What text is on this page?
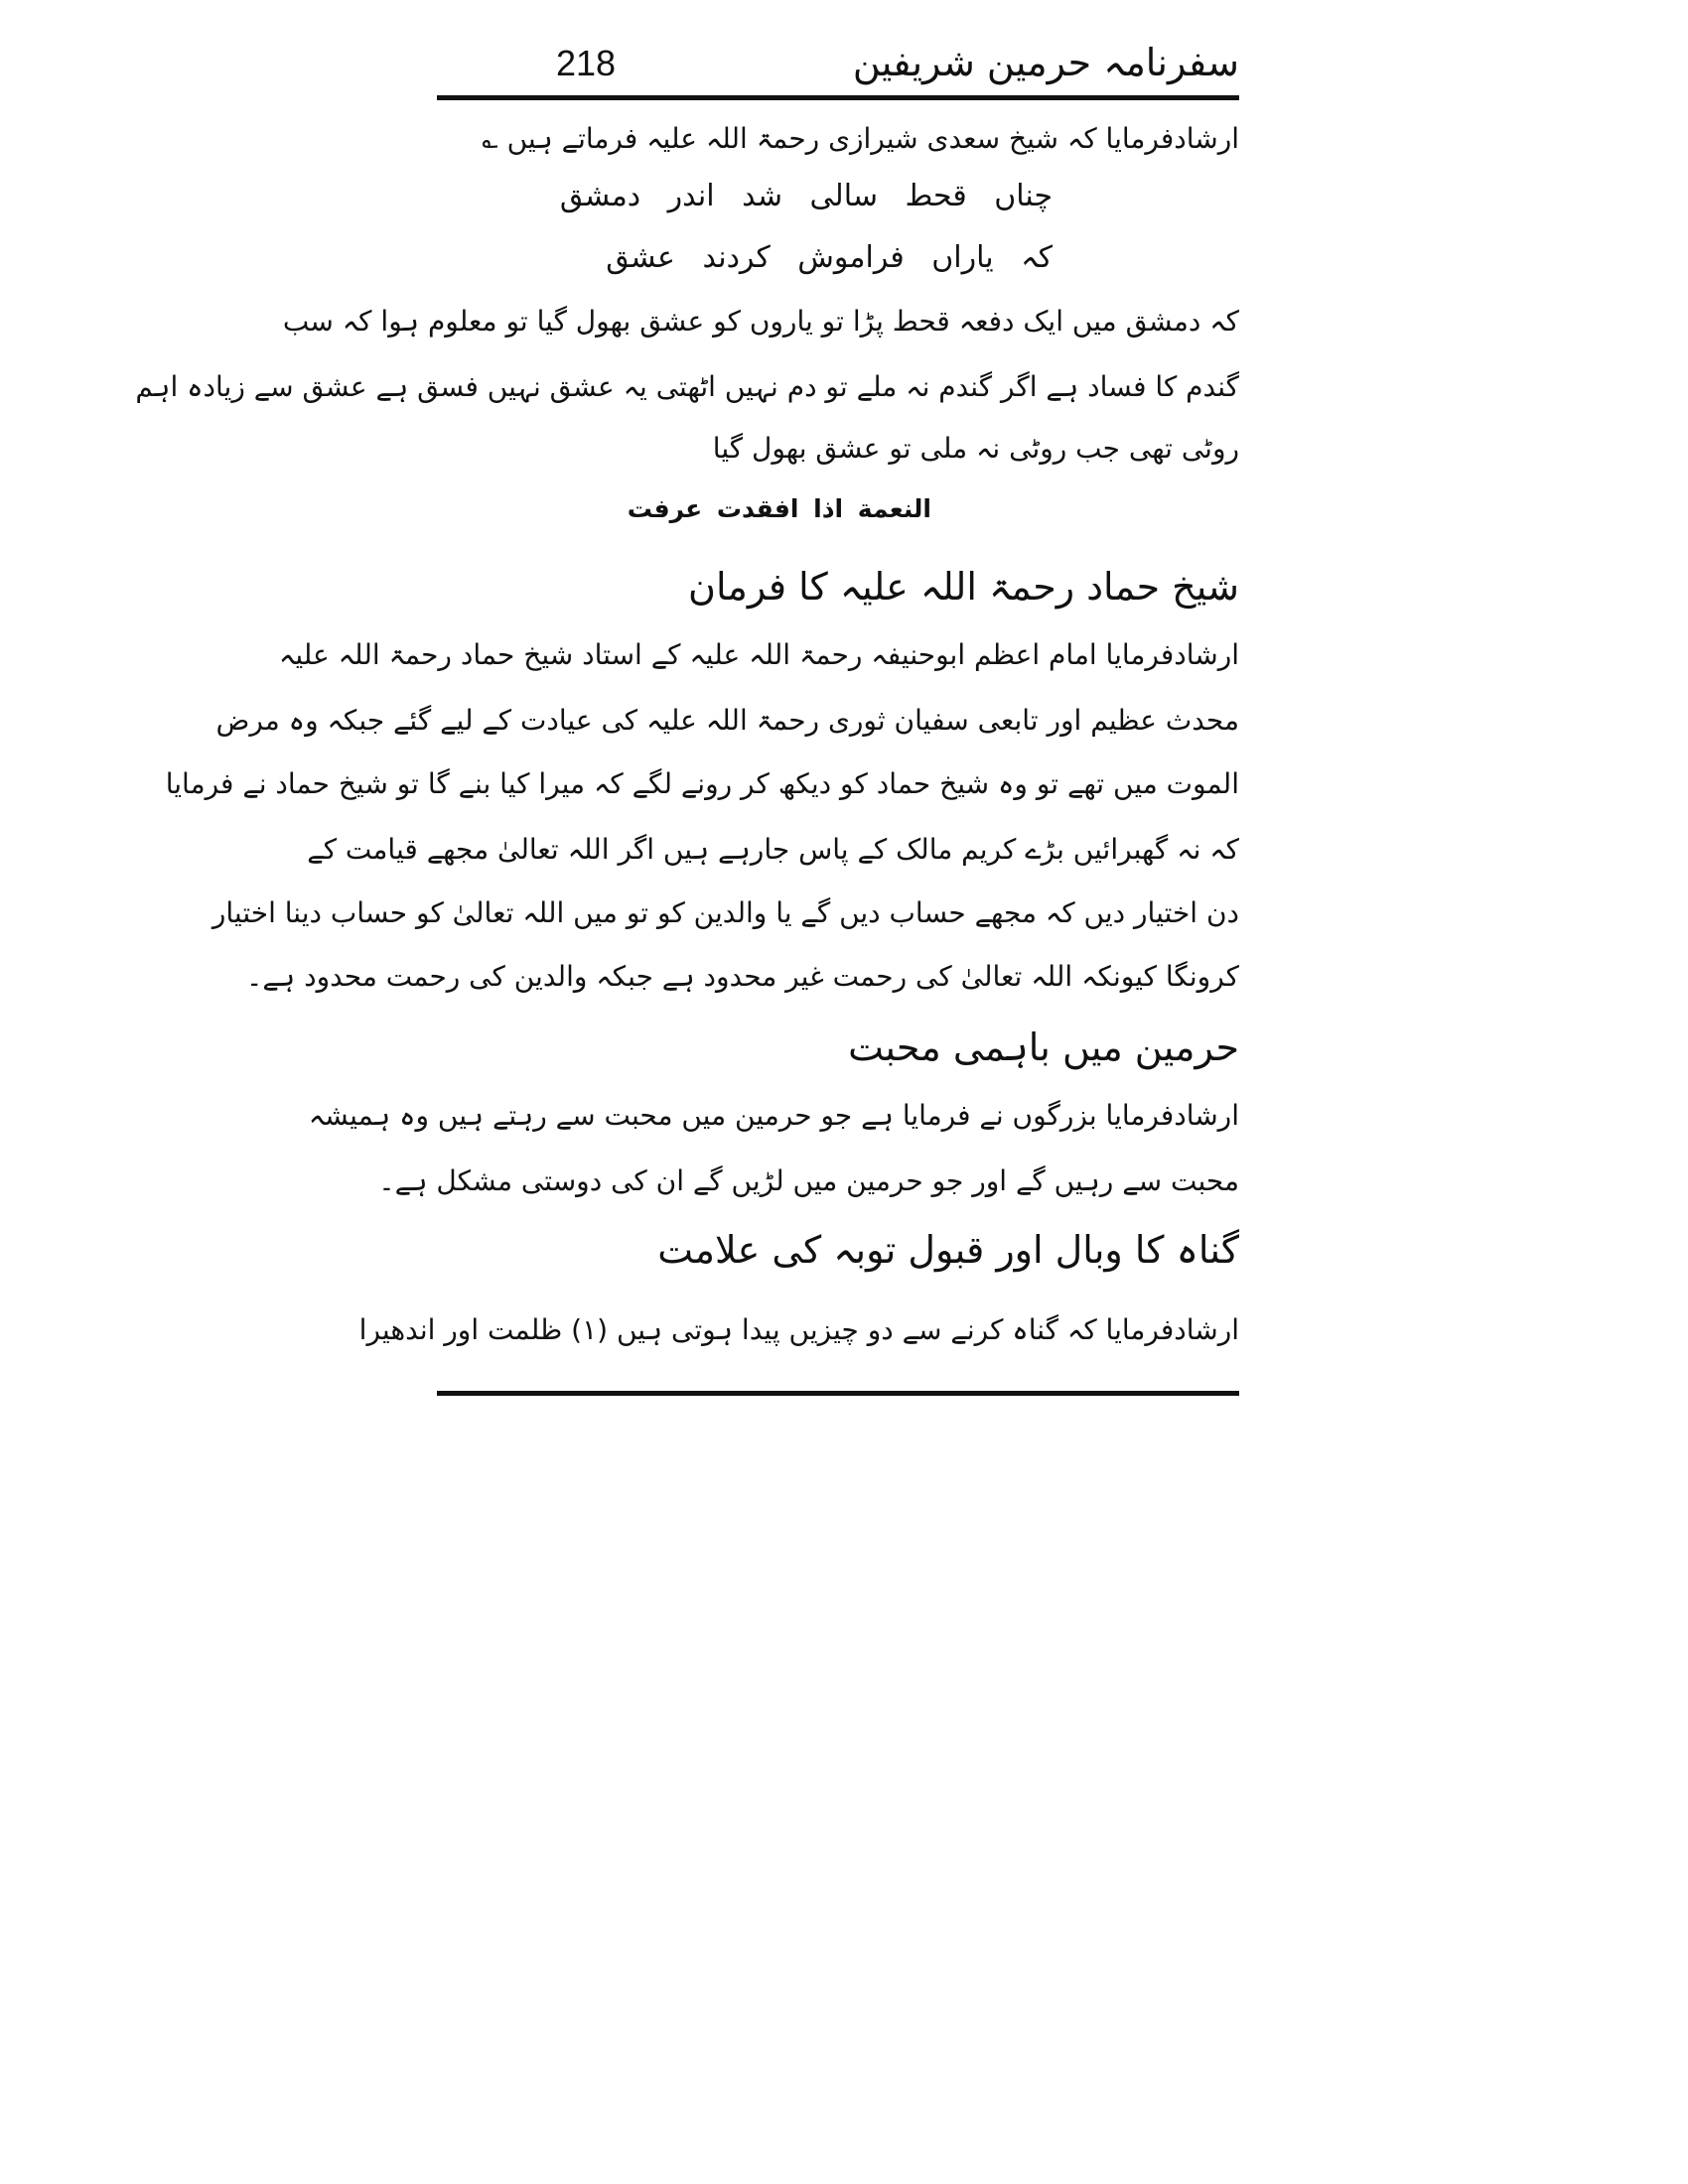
218	سفرنامہ حرمین شریفین
ارشادفرمایا کہ شیخ سعدی شیرازی رحمۃ اللہ علیہ فرماتے ہیں ؎
چناں قحط سالی شد اندر دمشق
کہ یاراں فراموش کردند عشق
کہ دمشق میں ایک دفعہ قحط پڑا تو یاروں کو عشق بھول گیا تو معلوم ہوا کہ سب
گندم کا فساد ہے اگر گندم نہ ملے تو دم نہیں اٹھتی یہ عشق نہیں فسق ہے عشق سے زیادہ اہم
روٹی تھی جب روٹی نہ ملی تو عشق بھول گیا
النعمة اذا افقدت عرفت
شیخ حماد رحمۃ اللہ علیہ کا فرمان
ارشادفرمایا امام اعظم ابوحنیفہ رحمۃ اللہ علیہ کے استاد شیخ حماد رحمۃ اللہ علیہ
محدث عظیم اور تابعی سفیان ثوری رحمۃ اللہ علیہ کی عیادت کے لیے گئے جبکہ وہ مرض
الموت میں تھے تو وہ شیخ حماد کو دیکھ کر رونے لگے کہ میرا کیا بنے گا تو شیخ حماد نے فرمایا
کہ نہ گھبرائیں بڑے کریم مالک کے پاس جارہے ہیں اگر اللہ تعالیٰ مجھے قیامت کے
دن اختیار دیں کہ مجھے حساب دیں گے یا والدین کو تو میں اللہ تعالیٰ کو حساب دینا اختیار
کرونگا کیونکہ اللہ تعالیٰ کی رحمت غیر محدود ہے جبکہ والدین کی رحمت محدود ہے۔
حرمین میں باہمی محبت
ارشادفرمایا بزرگوں نے فرمایا ہے جو حرمین میں محبت سے رہتے ہیں وہ ہمیشہ
محبت سے رہیں گے اور جو حرمین میں لڑیں گے ان کی دوستی مشکل ہے۔
گناہ کا وبال اور قبول توبہ کی علامت
ارشادفرمایا کہ گناہ کرنے سے دو چیزیں پیدا ہوتی ہیں (۱) ظلمت اور اندھیرا
